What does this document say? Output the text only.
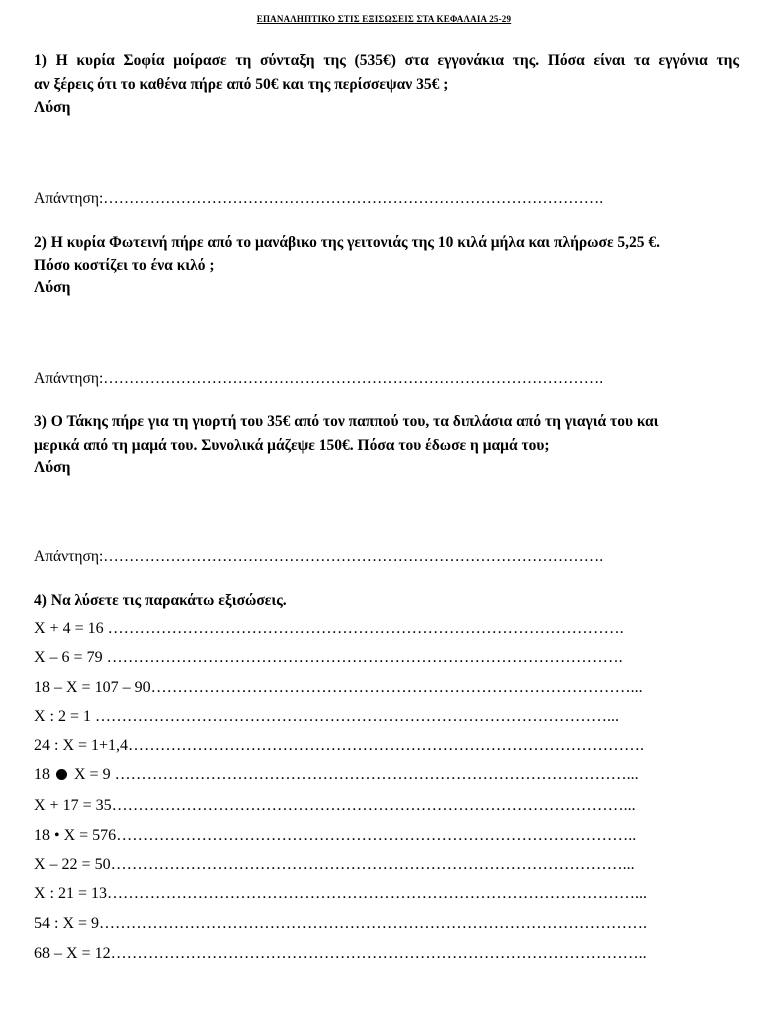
ΕΠΑΝΑΛΗΠΤΙΚΟ ΣΤΙΣ ΕΞΙΣΩΣΕΙΣ ΣΤΑ ΚΕΦΑΛΑΙΑ 25-29
1) Η κυρία Σοφία μοίρασε τη σύνταξη της (535€) στα εγγονάκια της. Πόσα είναι τα εγγόνια της
αν ξέρεις ότι το καθένα πήρε από 50€ και της περίσσεψαν 35€ ;
Λύση
Απάντηση:…………………………………………………………………………………….
2) Η κυρία Φωτεινή πήρε από το μανάβικο της γειτονιάς της 10 κιλά μήλα και πλήρωσε 5,25 €.
Πόσο κοστίζει το ένα κιλό ;
Λύση
Απάντηση:…………………………………………………………………………………….
3) Ο Τάκης πήρε για τη γιορτή του 35€ από τον παππού του, τα διπλάσια από τη γιαγιά του και
μερικά από τη μαμά του. Συνολικά μάζεψε 150€. Πόσα του έδωσε η μαμά του;
Λύση
Απάντηση:…………………………………………………………………………………….
4) Να λύσετε τις παρακάτω εξισώσεις.
Χ + 4 = 16 …………………………………………………………………………………….
Χ – 6 = 79 …………………………………………………………………………………….
18 – Χ = 107 – 90………………………………………………………………………………...
Χ : 2 = 1 ……………………………………………………………………………………...
24 : Χ = 1+1,4…………………………………………………………………………………….
18 Χ = 9 ……………………………………………………………………………………...
Χ + 17 = 35……………………………………………………………………………………...
18 • Χ = 576……………………………………………………………………………………..
Χ – 22 = 50……………………………………………………………………………………...
Χ : 21 = 13………………………………………………………………………………………...
54 : Χ = 9………………………………………………………………………………………….
68 – Χ = 12………………………………………………………………………………………..
